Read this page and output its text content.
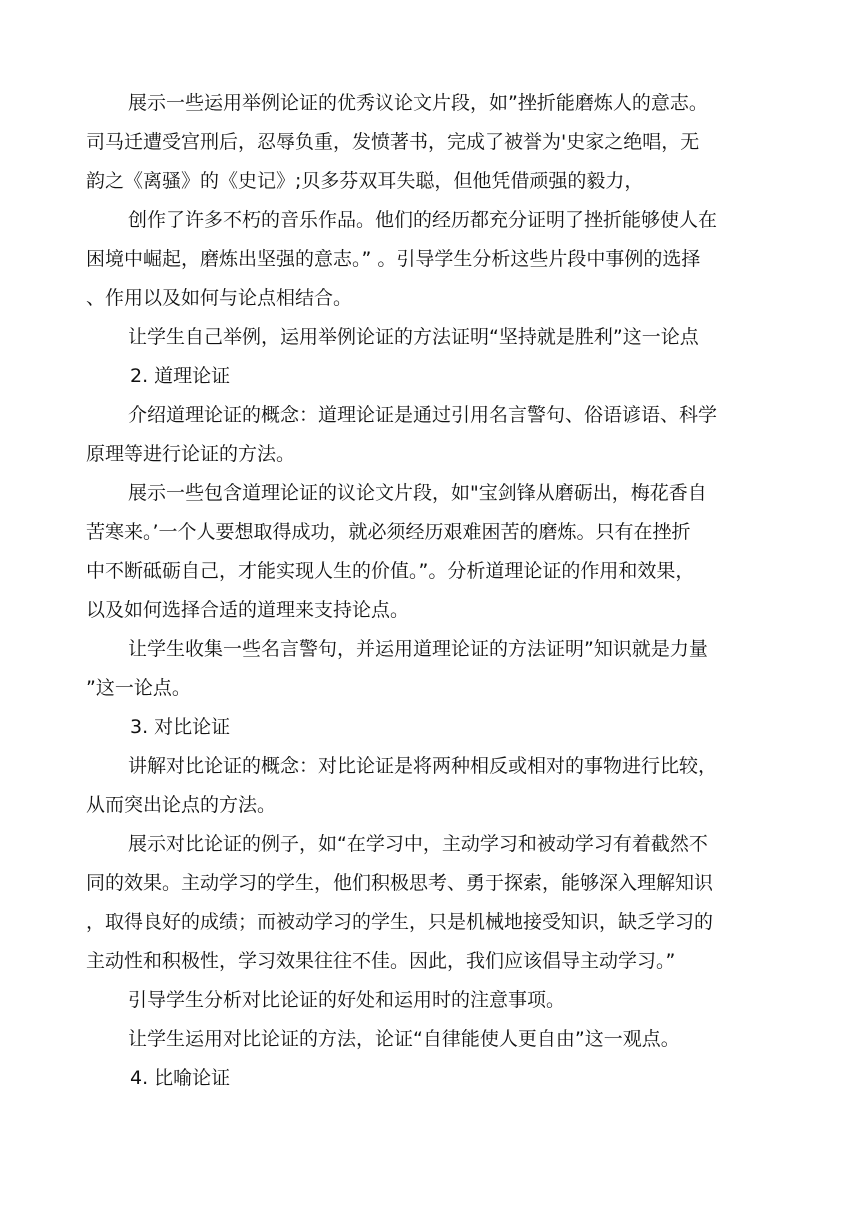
展示一些运用举例论证的优秀议论文片段，如”挫折能磨炼人的意志。
司马迁遭受宫刑后，忍辱负重，发愤著书，完成了被誉为'史家之绝唱，无
韵之《离骚》的《史记》;贝多芬双耳失聪，但他凭借顽强的毅力，
创作了许多不朽的音乐作品。他们的经历都充分证明了挫折能够使人在
困境中崛起，磨炼出坚强的意志。” 。引导学生分析这些片段中事例的选择
、作用以及如何与论点相结合。
让学生自己举例，运用举例论证的方法证明“坚持就是胜利”这一论点
2. 道理论证
介绍道理论证的概念：道理论证是通过引用名言警句、俗语谚语、科学
原理等进行论证的方法。
展示一些包含道理论证的议论文片段，如"宝剑锋从磨砺出，梅花香自
苦寒来。’一个人要想取得成功，就必须经历艰难困苦的磨炼。只有在挫折
中不断砥砺自己，才能实现人生的价值。”。分析道理论证的作用和效果，
以及如何选择合适的道理来支持论点。
让学生收集一些名言警句，并运用道理论证的方法证明”知识就是力量
”这一论点。
3. 对比论证
讲解对比论证的概念：对比论证是将两种相反或相对的事物进行比较，
从而突出论点的方法。
展示对比论证的例子，如“在学习中，主动学习和被动学习有着截然不
同的效果。主动学习的学生，他们积极思考、勇于探索，能够深入理解知识
，取得良好的成绩；而被动学习的学生，只是机械地接受知识，缺乏学习的
主动性和积极性，学习效果往往不佳。因此，我们应该倡导主动学习。”
引导学生分析对比论证的好处和运用时的注意事项。
让学生运用对比论证的方法，论证“自律能使人更自由”这一观点。
4. 比喻论证
